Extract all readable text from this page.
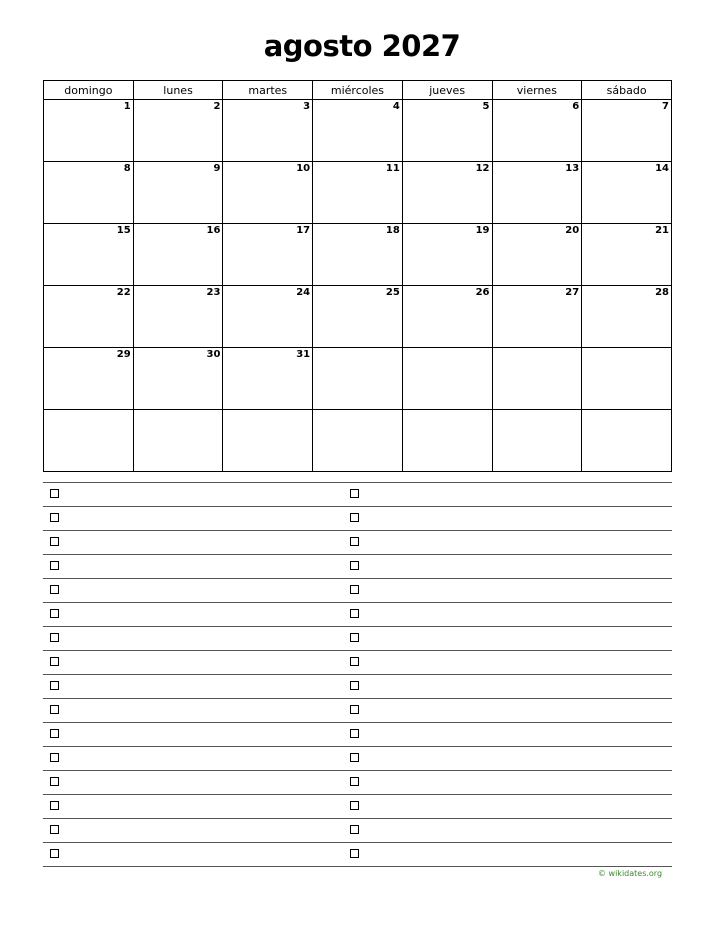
agosto 2027
domingo	lunes	martes	miércoles	jueves	viernes	sábado

1	2	3	4	5	6	7

8	9	10	11	12	13	14

15	16	17	18	19	20	21

22	23	24	25	26	27	28

29	30	31				

© wikidates.org
